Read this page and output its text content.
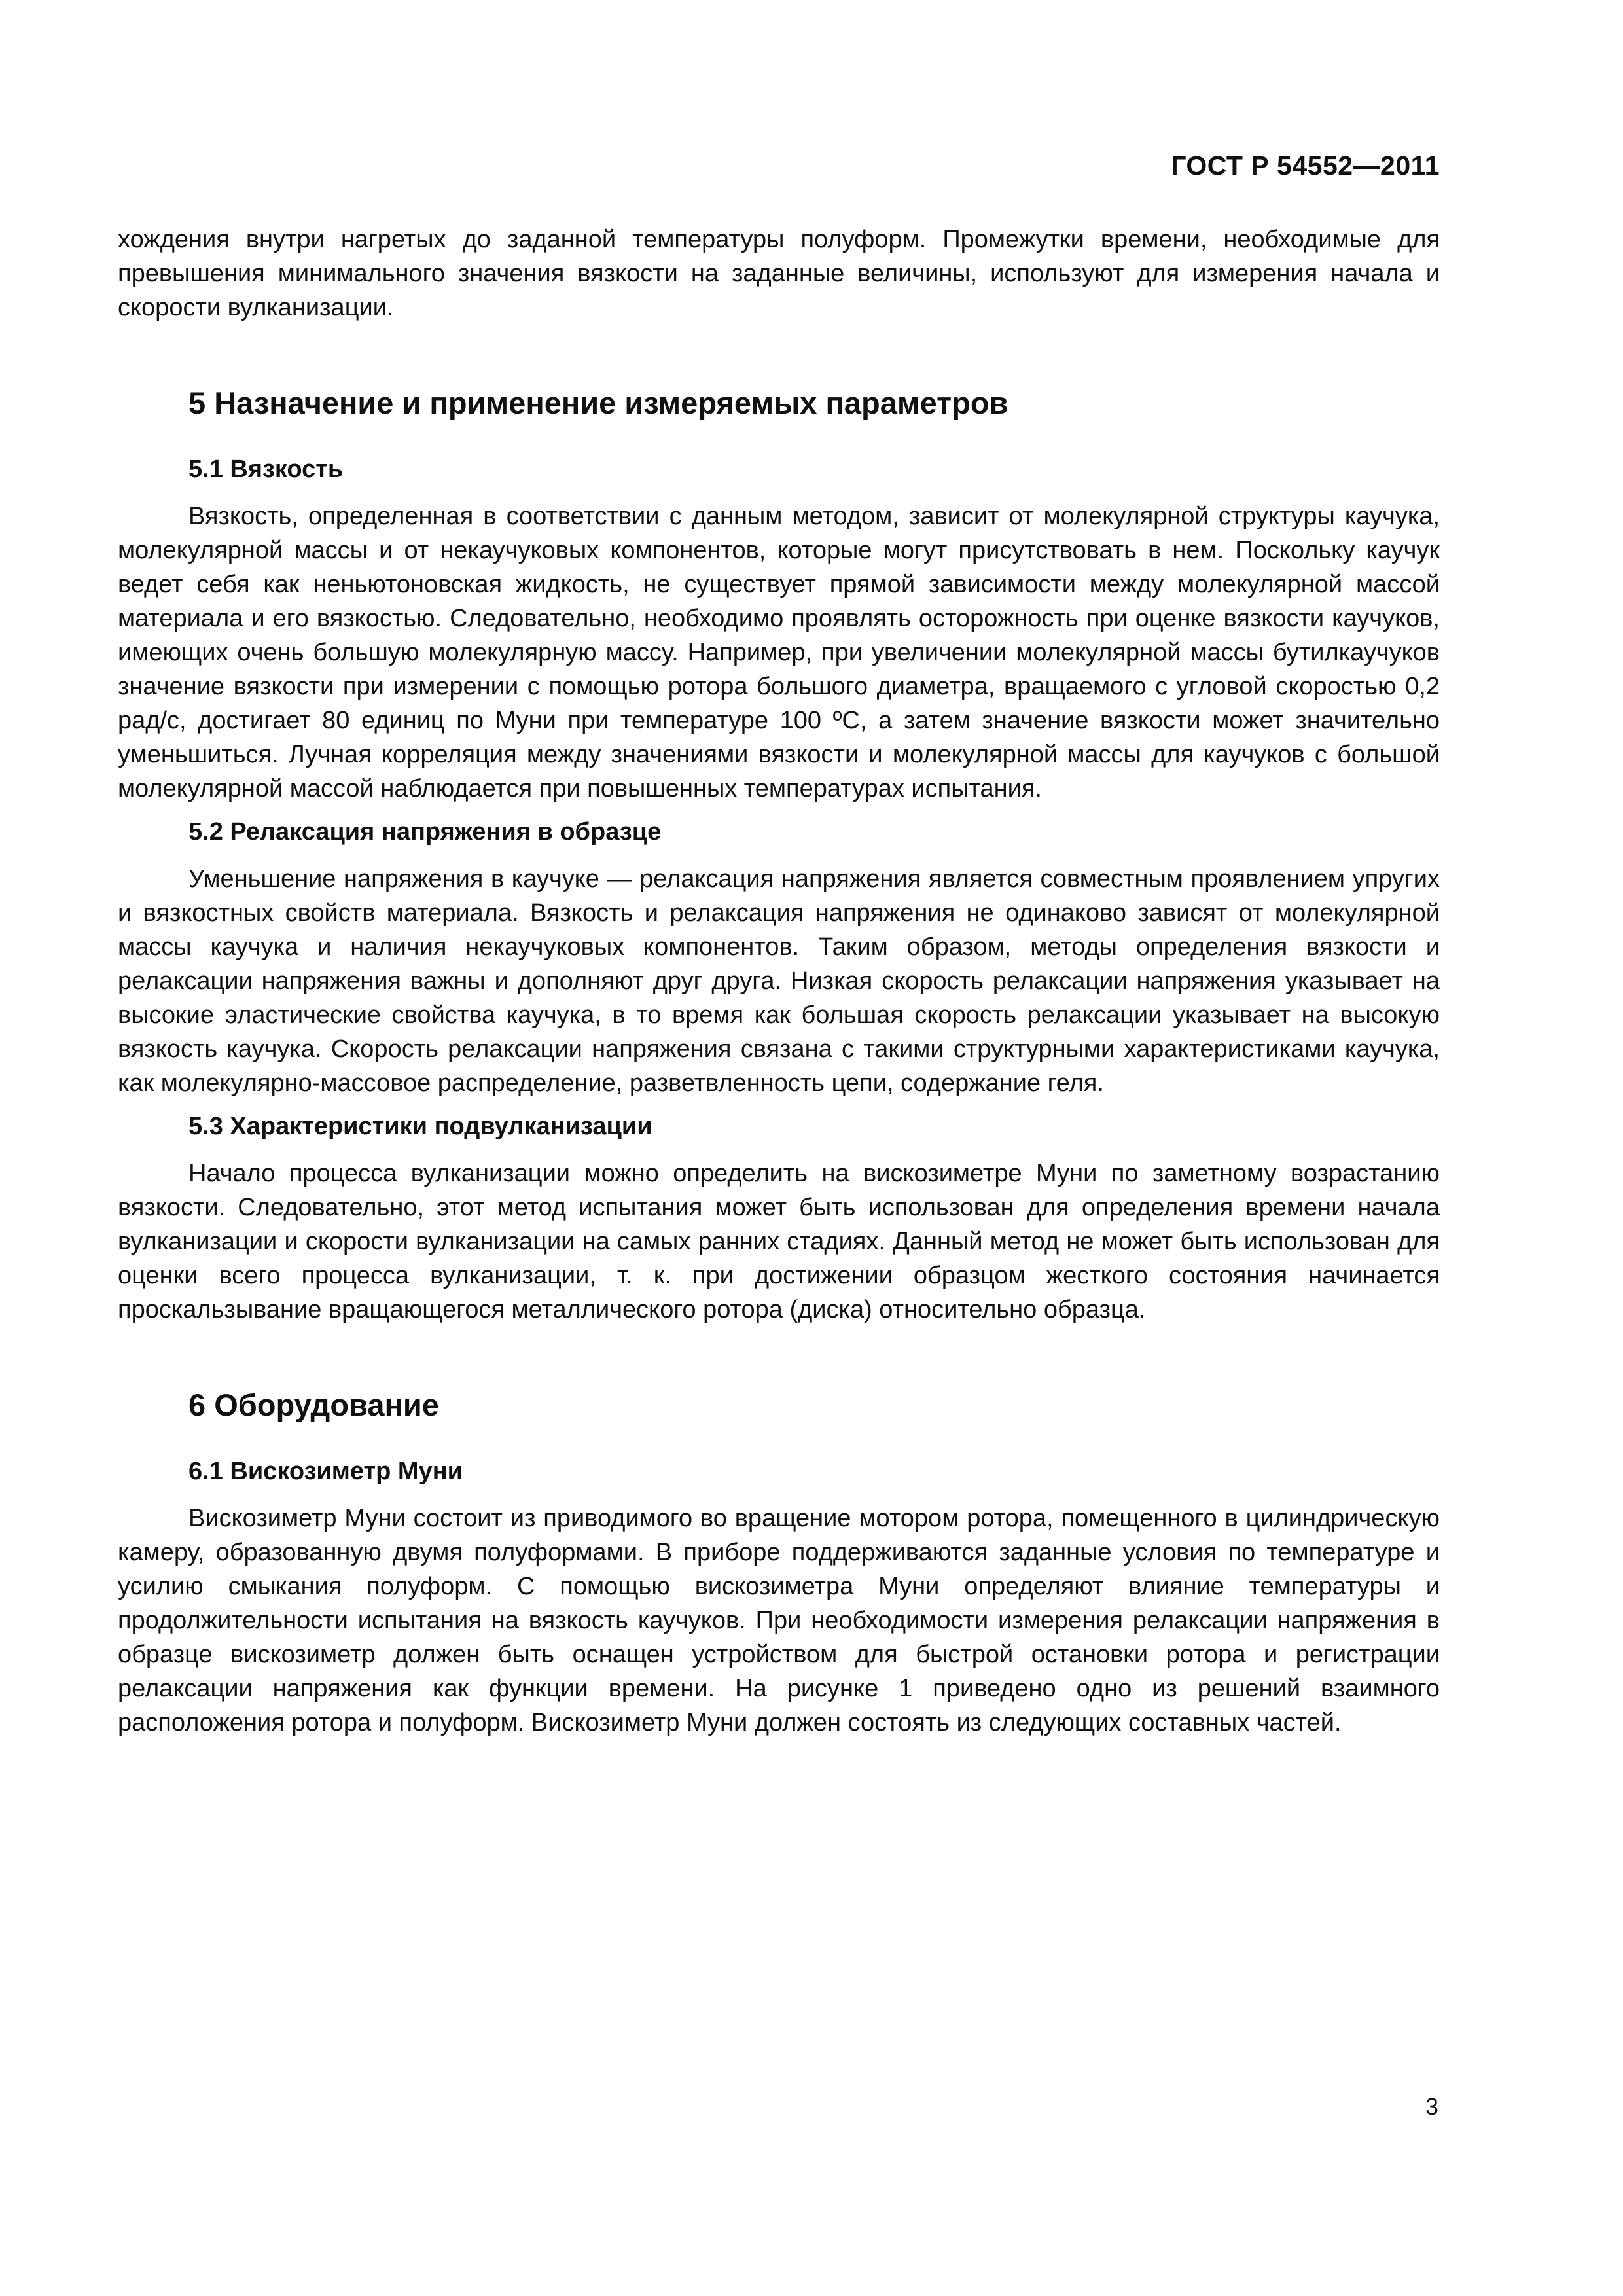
ГОСТ Р 54552—2011

хождения внутри нагретых до заданной температуры полуформ. Промежутки времени, необходимые для превышения минимального значения вязкости на заданные величины, используют для измерения начала и скорости вулканизации.

5 Назначение и применение измеряемых параметров
5.1 Вязкость

Вязкость, определенная в соответствии с данным методом, зависит от молекулярной структуры каучука, молекулярной массы и от некаучуковых компонентов, которые могут присутствовать в нем. Поскольку каучук ведет себя как неньютоновская жидкость, не существует прямой зависимости между молекулярной массой материала и его вязкостью. Следовательно, необходимо проявлять осторожность при оценке вязкости каучуков, имеющих очень большую молекулярную массу. Например, при увеличении молекулярной массы бутилкаучуков значение вязкости при измерении с помощью ротора большого диаметра, вращаемого с угловой скоростью 0,2 рад/с, достигает 80 единиц по Муни при температуре 100 ºС, а затем значение вязкости может значительно уменьшиться. Лучная корреляция между значениями вязкости и молекулярной массы для каучуков с большой молекулярной массой наблюдается при повышенных температурах испытания.

5.2 Релаксация напряжения в образце

Уменьшение напряжения в каучуке — релаксация напряжения является совместным проявлением упругих и вязкостных свойств материала. Вязкость и релаксация напряжения не одинаково зависят от молекулярной массы каучука и наличия некаучуковых компонентов. Таким образом, методы определения вязкости и релаксации напряжения важны и дополняют друг друга. Низкая скорость релаксации напряжения указывает на высокие эластические свойства каучука, в то время как большая скорость релаксации указывает на высокую вязкость каучука. Скорость релаксации напряжения связана с такими структурными характеристиками каучука, как молекулярно-массовое распределение, разветвленность цепи, содержание геля.

5.3 Характеристики подвулканизации

Начало процесса вулканизации можно определить на вискозиметре Муни по заметному возрастанию вязкости. Следовательно, этот метод испытания может быть использован для определения времени начала вулканизации и скорости вулканизации на самых ранних стадиях. Данный метод не может быть использован для оценки всего процесса вулканизации, т. к. при достижении образцом жесткого состояния начинается проскальзывание вращающегося металлического ротора (диска) относительно образца.

6 Оборудование
6.1 Вискозиметр Муни

Вискозиметр Муни состоит из приводимого во вращение мотором ротора, помещенного в цилиндрическую камеру, образованную двумя полуформами. В приборе поддерживаются заданные условия по температуре и усилию смыкания полуформ. С помощью вискозиметра Муни определяют влияние температуры и продолжительности испытания на вязкость каучуков. При необходимости измерения релаксации напряжения в образце вискозиметр должен быть оснащен устройством для быстрой остановки ротора и регистрации релаксации напряжения как функции времени. На рисунке 1 приведено одно из решений взаимного расположения ротора и полуформ. Вискозиметр Муни должен состоять из следующих составных частей.

3
